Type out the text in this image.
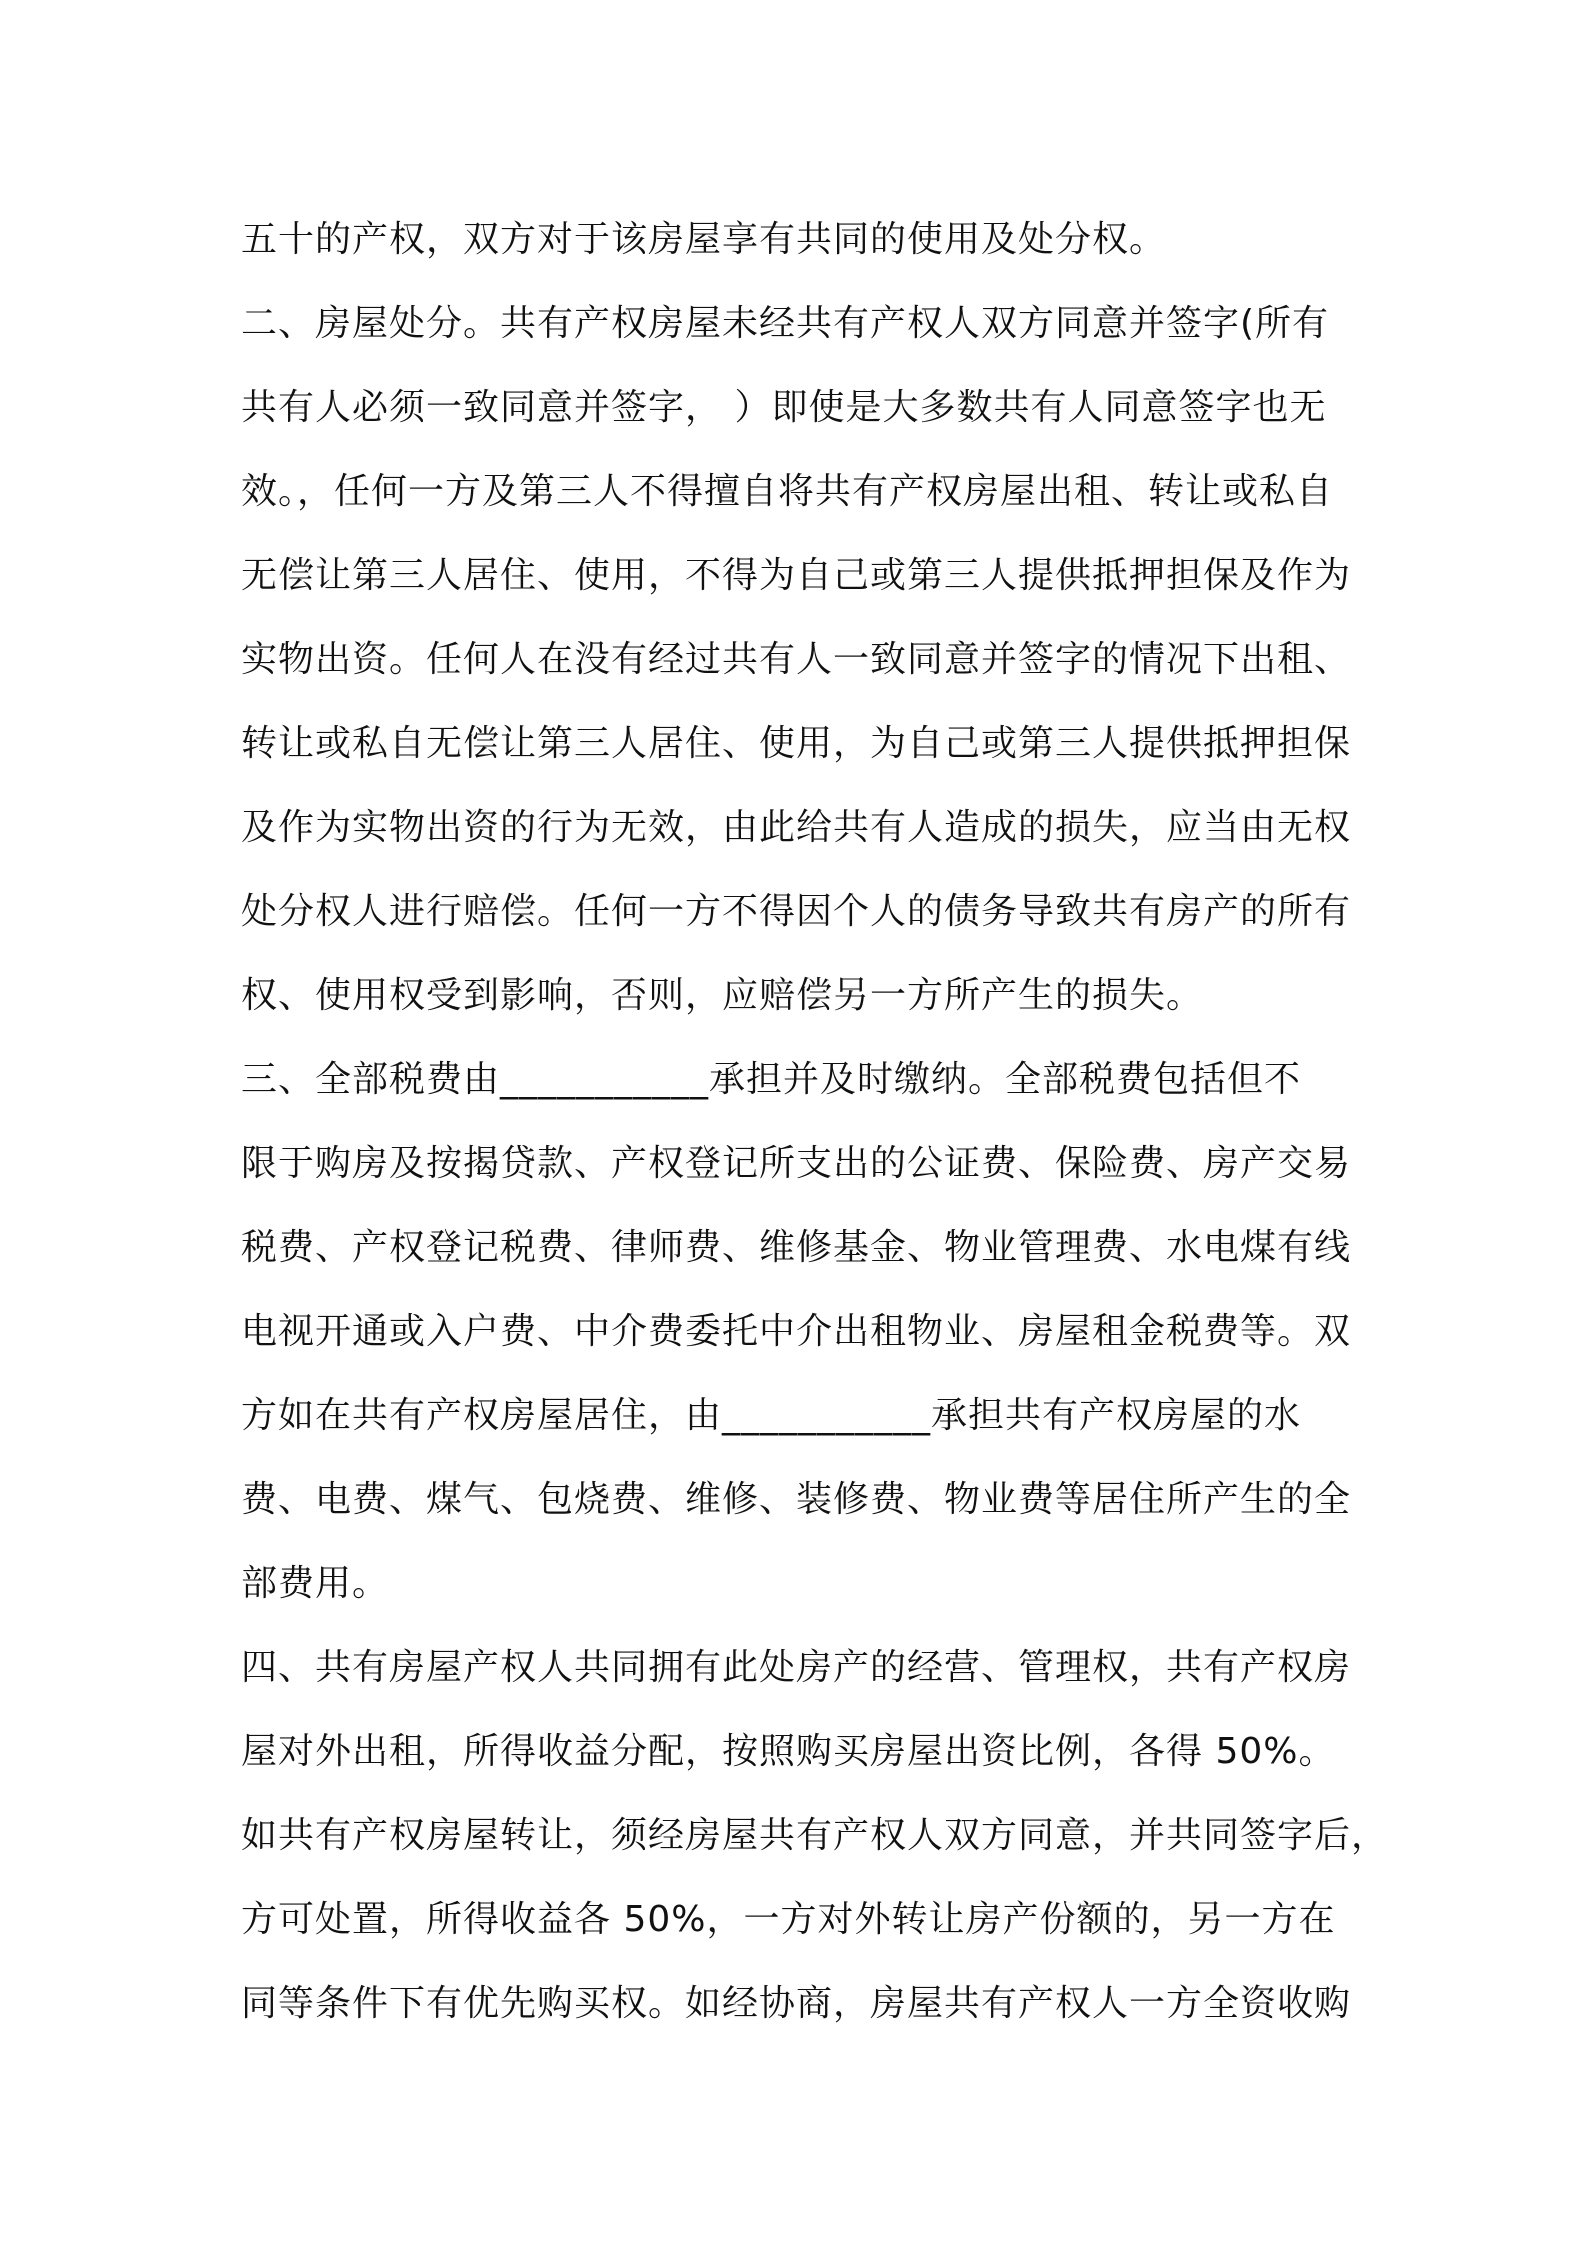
五十的产权，双方对于该房屋享有共同的使用及处分权。
二、房屋处分。共有产权房屋未经共有产权人双方同意并签字(所有
共有人必须一致同意并签字， ）即使是大多数共有人同意签字也无
效。，任何一方及第三人不得擅自将共有产权房屋出租、转让或私自
无偿让第三人居住、使用，不得为自己或第三人提供抵押担保及作为
实物出资。任何人在没有经过共有人一致同意并签字的情况下出租、
转让或私自无偿让第三人居住、使用，为自己或第三人提供抵押担保
及作为实物出资的行为无效，由此给共有人造成的损失，应当由无权
处分权人进行赔偿。任何一方不得因个人的债务导致共有房产的所有
权、使用权受到影响，否则，应赔偿另一方所产生的损失。
三、全部税费由___________承担并及时缴纳。全部税费包括但不
限于购房及按揭贷款、产权登记所支出的公证费、保险费、房产交易
税费、产权登记税费、律师费、维修基金、物业管理费、水电煤有线
电视开通或入户费、中介费委托中介出租物业、房屋租金税费等。双
方如在共有产权房屋居住，由___________承担共有产权房屋的水
费、电费、煤气、包烧费、维修、装修费、物业费等居住所产生的全
部费用。
四、共有房屋产权人共同拥有此处房产的经营、管理权，共有产权房
屋对外出租，所得收益分配，按照购买房屋出资比例，各得 50%。
如共有产权房屋转让，须经房屋共有产权人双方同意，并共同签字后，
方可处置，所得收益各 50%，一方对外转让房产份额的，另一方在
同等条件下有优先购买权。如经协商，房屋共有产权人一方全资收购
